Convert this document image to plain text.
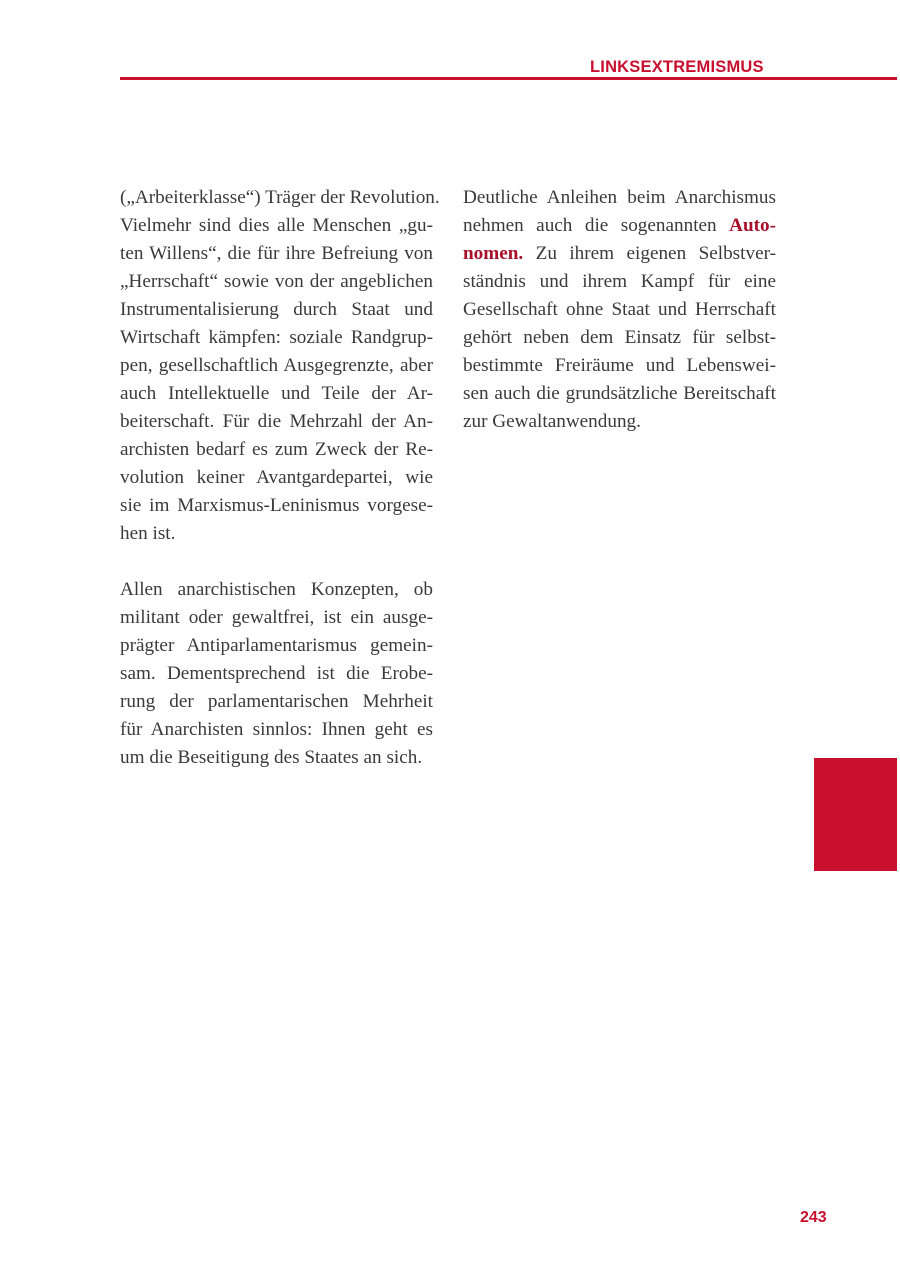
LINKSEXTREMISMUS

(„Arbeiterklasse“) Träger der Revolution.
Vielmehr sind dies alle Menschen „gu-
ten Willens“, die für ihre Befreiung von
„Herrschaft“ sowie von der angeblichen
Instrumentalisierung durch Staat und
Wirtschaft kämpfen: soziale Randgrup-
pen, gesellschaftlich Ausgegrenzte, aber
auch Intellektuelle und Teile der Ar-
beiterschaft. Für die Mehrzahl der An-
archisten bedarf es zum Zweck der Re-
volution keiner Avantgardepartei, wie
sie im Marxismus-Leninismus vorgese-
hen ist.

Allen anarchistischen Konzepten, ob
militant oder gewaltfrei, ist ein ausge-
prägter Antiparlamentarismus gemein-
sam. Dementsprechend ist die Erobe-
rung der parlamentarischen Mehrheit
für Anarchisten sinnlos: Ihnen geht es
um die Beseitigung des Staates an sich.

Deutliche Anleihen beim Anarchismus
nehmen auch die sogenannten Auto-
nomen. Zu ihrem eigenen Selbstver-
ständnis und ihrem Kampf für eine
Gesellschaft ohne Staat und Herrschaft
gehört neben dem Einsatz für selbst-
bestimmte Freiräume und Lebenswei-
sen auch die grundsätzliche Bereitschaft
zur Gewaltanwendung.

243
